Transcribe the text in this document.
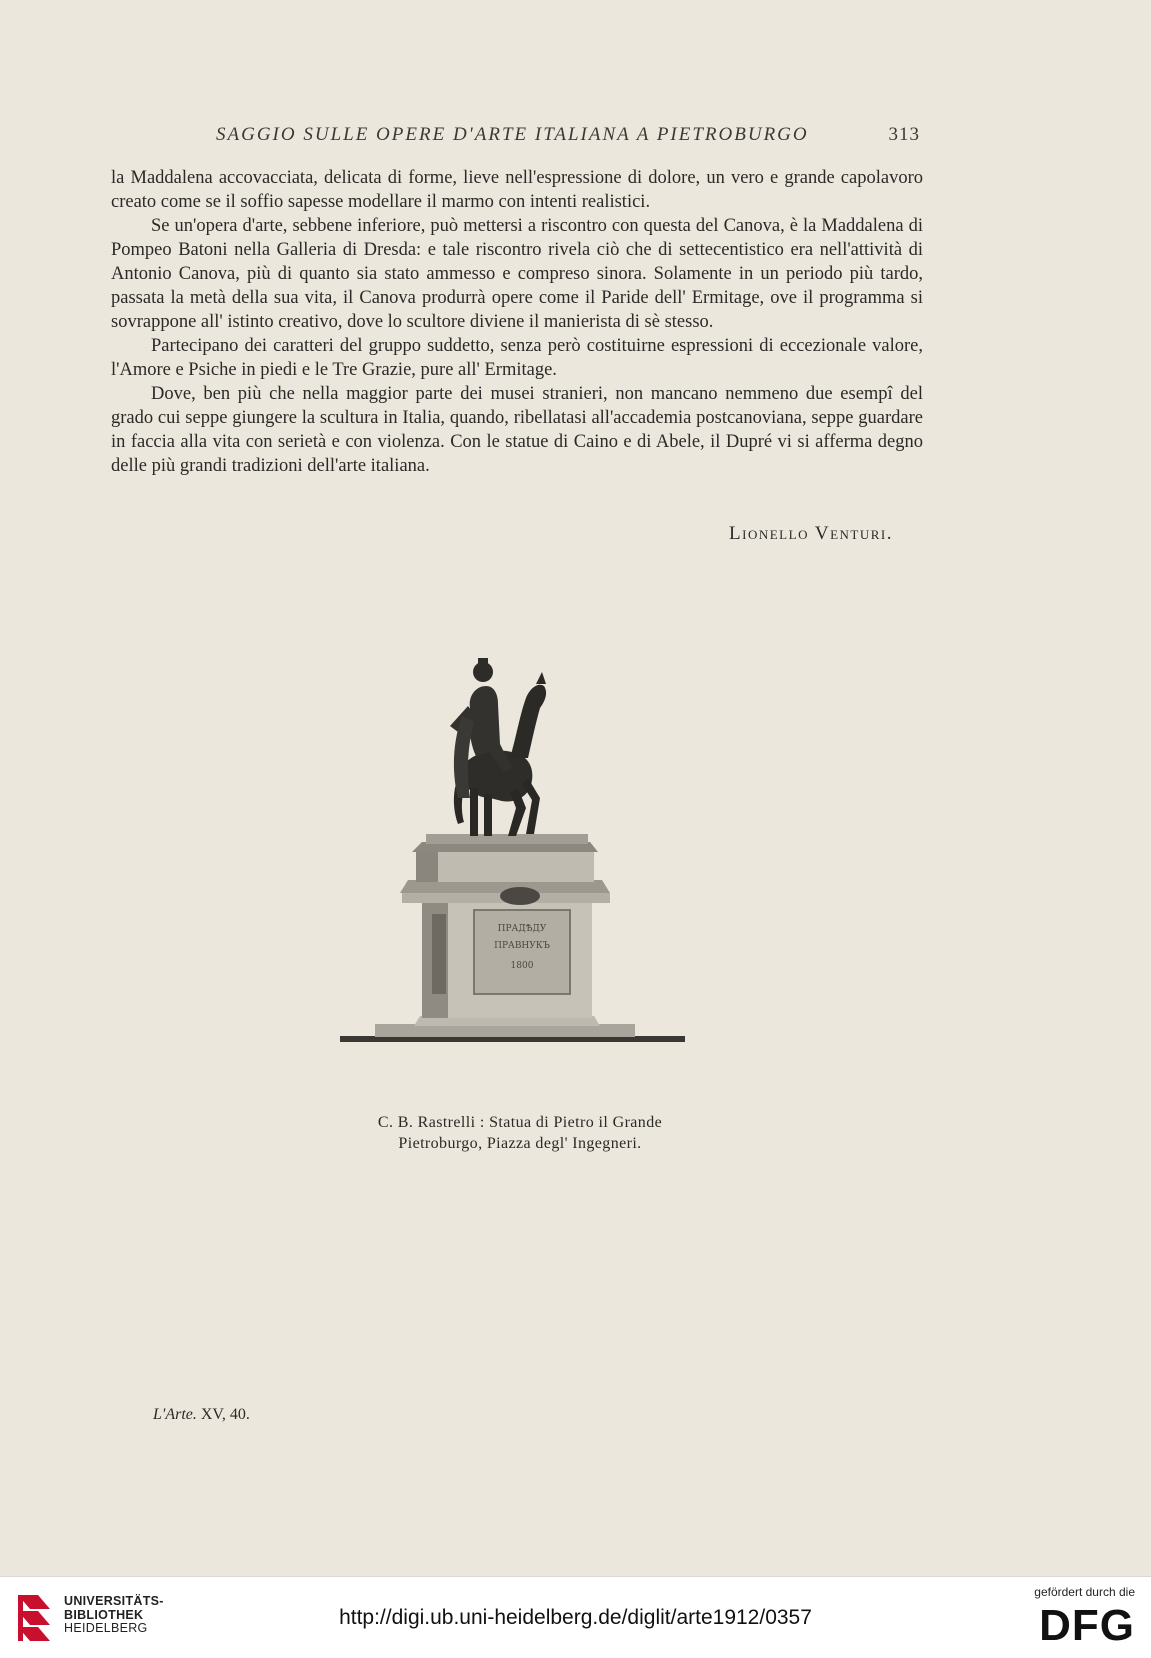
SAGGIO SULLE OPERE D'ARTE ITALIANA A PIETROBURGO	313

la Maddalena accovacciata, delicata di forme, lieve nell'espressione di dolore, un vero e grande capolavoro creato come se il soffio sapesse modellare il marmo con intenti realistici.

Se un'opera d'arte, sebbene inferiore, può mettersi a riscontro con questa del Canova, è la Maddalena di Pompeo Batoni nella Galleria di Dresda: e tale riscontro rivela ciò che di settecentistico era nell'attività di Antonio Canova, più di quanto sia stato ammesso e compreso sinora. Solamente in un periodo più tardo, passata la metà della sua vita, il Canova produrrà opere come il Paride dell' Ermitage, ove il programma si sovrappone all' istinto creativo, dove lo scultore diviene il manierista di sè stesso.

Partecipano dei caratteri del gruppo suddetto, senza però costituirne espressioni di eccezionale valore, l'Amore e Psiche in piedi e le Tre Grazie, pure all' Ermitage.

Dove, ben più che nella maggior parte dei musei stranieri, non mancano nemmeno due esempî del grado cui seppe giungere la scultura in Italia, quando, ribellatasi all'accademia postcanoviana, seppe guardare in faccia alla vita con serietà e con violenza. Con le statue di Caino e di Abele, il Dupré vi si afferma degno delle più grandi tradizioni dell'arte italiana.

Lionello Venturi.
ПРАДѢДУ
ПРАВНУКЪ
1800
C. B. Rastrelli : Statua di Pietro il Grande
Pietroburgo, Piazza degl' Ingegneri.
L'Arte. XV, 40.
UNIVERSITÄTS-
BIBLIOTHEK
HEIDELBERG	http://digi.ub.uni-heidelberg.de/diglit/arte1912/0357
gefördert durch die
DFG
